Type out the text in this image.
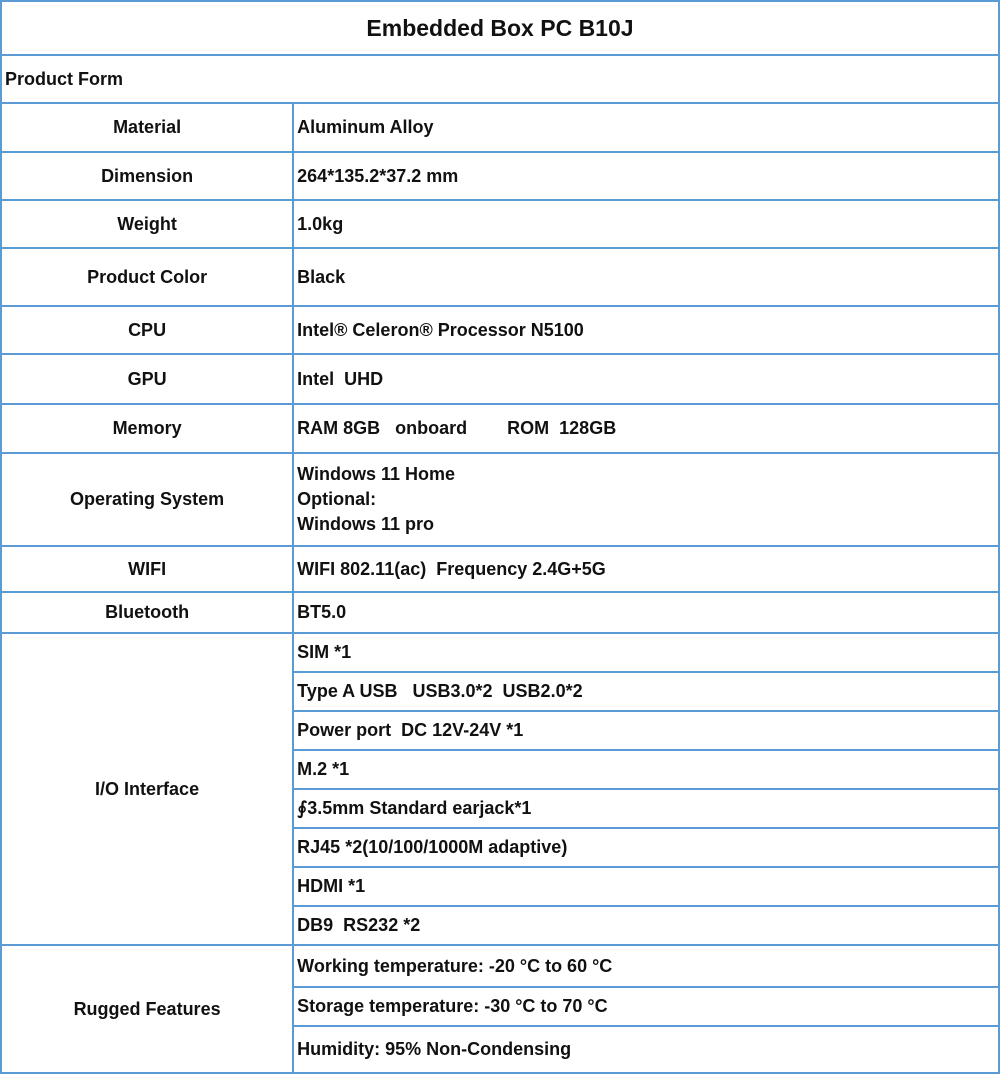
Embedded Box PC B10J	
Product Form	
Material	Aluminum Alloy
Dimension	264*135.2*37.2 mm
Weight	1.0kg
Product Color	Black
CPU	Intel® Celeron® Processor N5100
GPU	Intel  UHD
Memory	RAM 8GB   onboard        ROM  128GB
Operating System	Windows 11 Home
Optional:
Windows 11 pro

WIFI	WIFI 802.11(ac)  Frequency 2.4G+5G
Bluetooth	BT5.0
I/O Interface	SIM *1
	Type A USB   USB3.0*2  USB2.0*2
	Power port  DC 12V-24V *1
	M.2 *1
	∮3.5mm Standard earjack*1
	RJ45 *2(10/100/1000M adaptive)
	HDMI *1
	DB9  RS232 *2
Rugged Features	Working temperature: -20 °C to 60 °C
	Storage temperature: -30 °C to 70 °C
	Humidity: 95% Non-Condensing
